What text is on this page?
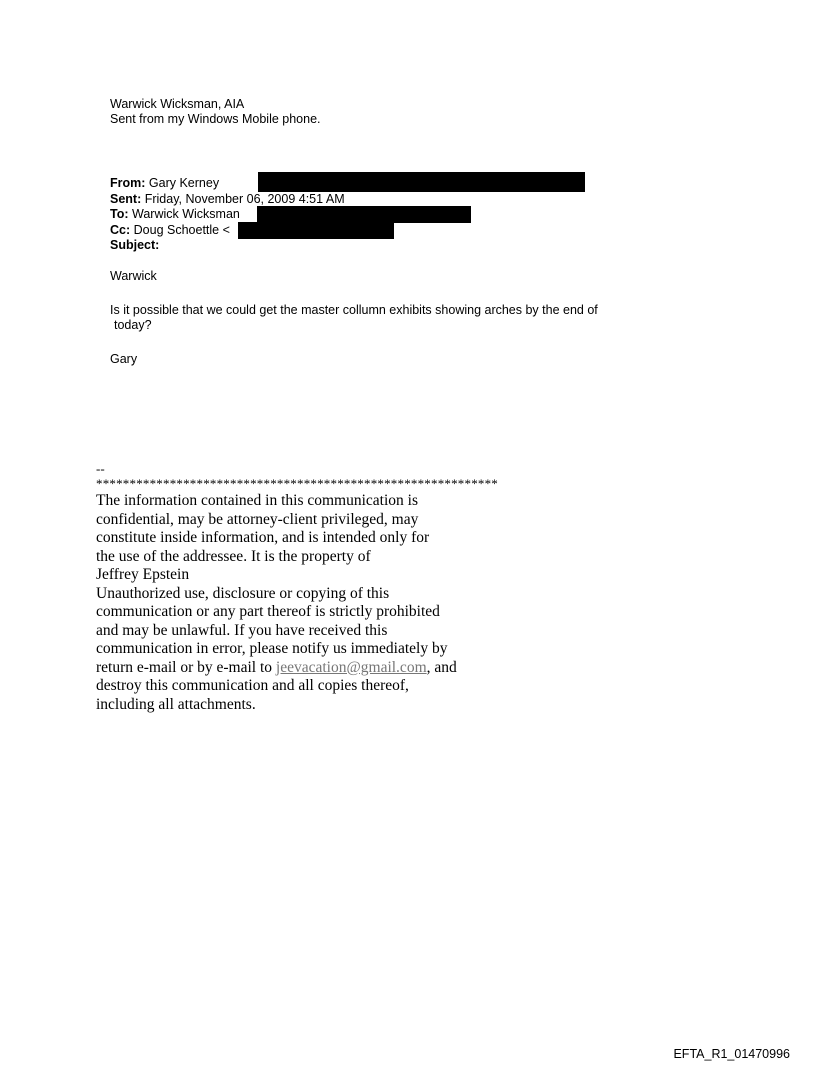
Warwick Wicksman, AIA
Sent from my Windows Mobile phone.
From: Gary Kerney
Sent: Friday, November 06, 2009 4:51 AM
To: Warwick Wicksman
Cc: Doug Schoettle <
Subject:
Warwick
Is it possible that we could get the master collumn exhibits showing arches by the end of
today?
Gary
--
************************************************************
The information contained in this communication is
confidential, may be attorney-client privileged, may
constitute inside information, and is intended only for
the use of the addressee. It is the property of
Jeffrey Epstein
Unauthorized use, disclosure or copying of this
communication or any part thereof is strictly prohibited
and may be unlawful. If you have received this
communication in error, please notify us immediately by
return e-mail or by e-mail to jeevacation@gmail.com, and
destroy this communication and all copies thereof,
including all attachments.
EFTA_R1_01470996
